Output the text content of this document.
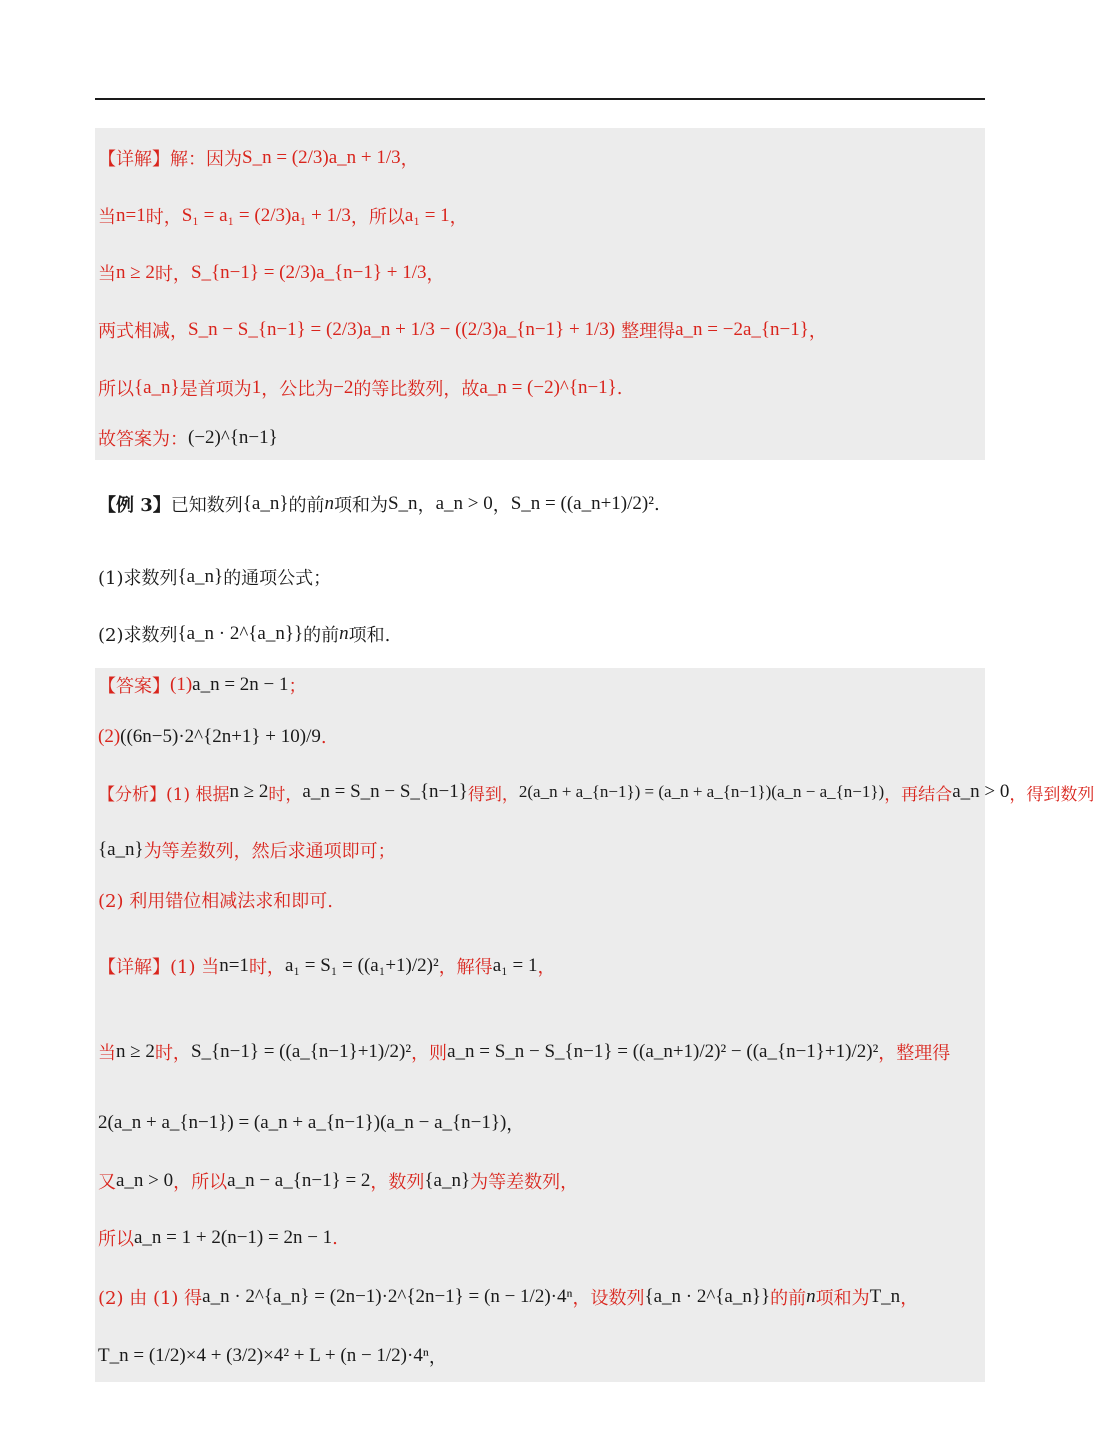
【详解】 解：因为 S_n = (2/3)a_n + 1/3 ，
当 n=1 时， S₁ = a₁ = (2/3)a₁ + 1/3 ，所以 a₁ = 1 ，
当 n ≥ 2 时， S_{n−1} = (2/3)a_{n−1} + 1/3 ，
两式相减， S_n − S_{n−1} = (2/3)a_n + 1/3 − ((2/3)a_{n−1} + 1/3) 整理得 a_n = −2a_{n−1} ，
所以 {a_n} 是首项为 1 ，公比为 −2 的等比数列，故 a_n = (−2)^{n−1} .
故答案为： (−2)^{n−1}
【例 3】 已知数列 {a_n} 的前 n 项和为 S_n ， a_n > 0 ， S_n = ((a_n+1)/2)² .
(1)求数列 {a_n} 的通项公式；
(2)求数列 {a_n · 2^{a_n}} 的前 n 项和.
【答案】 (1) a_n = 2n − 1 ；
(2) ((6n−5)·2^{2n+1} + 10)/9 .
【分析】 (1) 根据 n ≥ 2 时， a_n = S_n − S_{n−1} 得到， 2(a_n + a_{n−1}) = (a_n + a_{n−1})(a_n − a_{n−1}) ，再结合 a_n > 0 ，得到数列
{a_n} 为等差数列，然后求通项即可；
(2) 利用错位相减法求和即可.
【详解】 (1) 当 n=1 时， a₁ = S₁ = ((a₁+1)/2)² ，解得 a₁ = 1 ，
当 n ≥ 2 时， S_{n−1} = ((a_{n−1}+1)/2)² ，则 a_n = S_n − S_{n−1} = ((a_n+1)/2)² − ((a_{n−1}+1)/2)² ，整理得
2(a_n + a_{n−1}) = (a_n + a_{n−1})(a_n − a_{n−1}) ，
又 a_n > 0 ，所以 a_n − a_{n−1} = 2 ，数列 {a_n} 为等差数列，
所以 a_n = 1 + 2(n−1) = 2n − 1 .
(2) 由 (1) 得 a_n · 2^{a_n} = (2n−1)·2^{2n−1} = (n − 1/2)·4ⁿ ，设数列 {a_n · 2^{a_n}} 的前 n 项和为 T_n ，
T_n = (1/2)×4 + (3/2)×4² + L + (n − 1/2)·4ⁿ ，
